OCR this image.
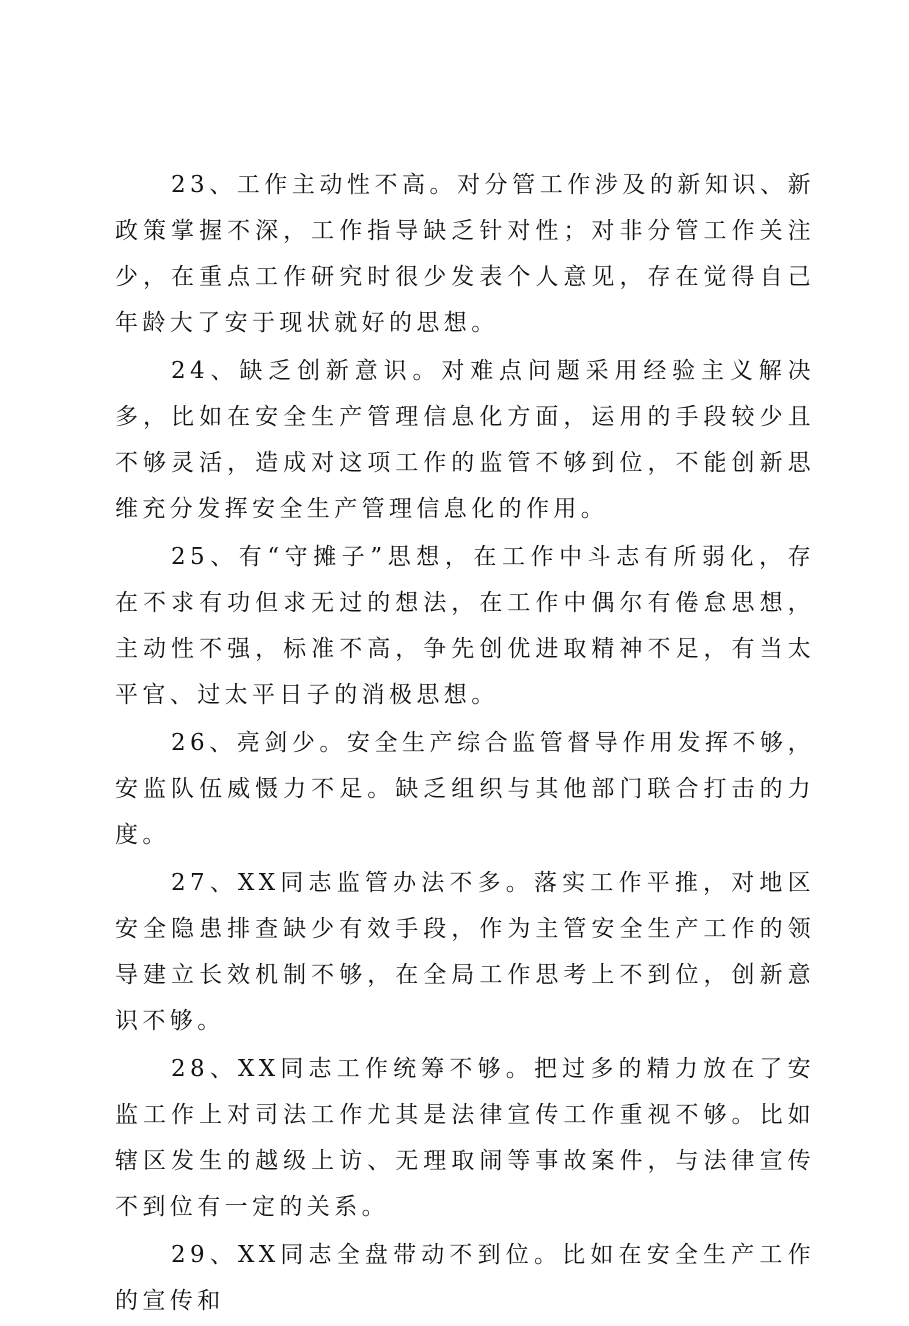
23、工作主动性不高。对分管工作涉及的新知识、新政策掌握不深，工作指导缺乏针对性；对非分管工作关注少，在重点工作研究时很少发表个人意见，存在觉得自己年龄大了安于现状就好的思想。

24、缺乏创新意识。对难点问题采用经验主义解决多，比如在安全生产管理信息化方面，运用的手段较少且不够灵活，造成对这项工作的监管不够到位，不能创新思维充分发挥安全生产管理信息化的作用。

25、有“守摊子”思想，在工作中斗志有所弱化，存在不求有功但求无过的想法，在工作中偶尔有倦怠思想，主动性不强，标准不高，争先创优进取精神不足，有当太平官、过太平日子的消极思想。

26、亮剑少。安全生产综合监管督导作用发挥不够，安监队伍威慑力不足。缺乏组织与其他部门联合打击的力度。

27、XX同志监管办法不多。落实工作平推，对地区安全隐患排查缺少有效手段，作为主管安全生产工作的领导建立长效机制不够，在全局工作思考上不到位，创新意识不够。

28、XX同志工作统筹不够。把过多的精力放在了安监工作上对司法工作尤其是法律宣传工作重视不够。比如辖区发生的越级上访、无理取闹等事故案件，与法律宣传不到位有一定的关系。

29、XX同志全盘带动不到位。比如在安全生产工作的宣传和
